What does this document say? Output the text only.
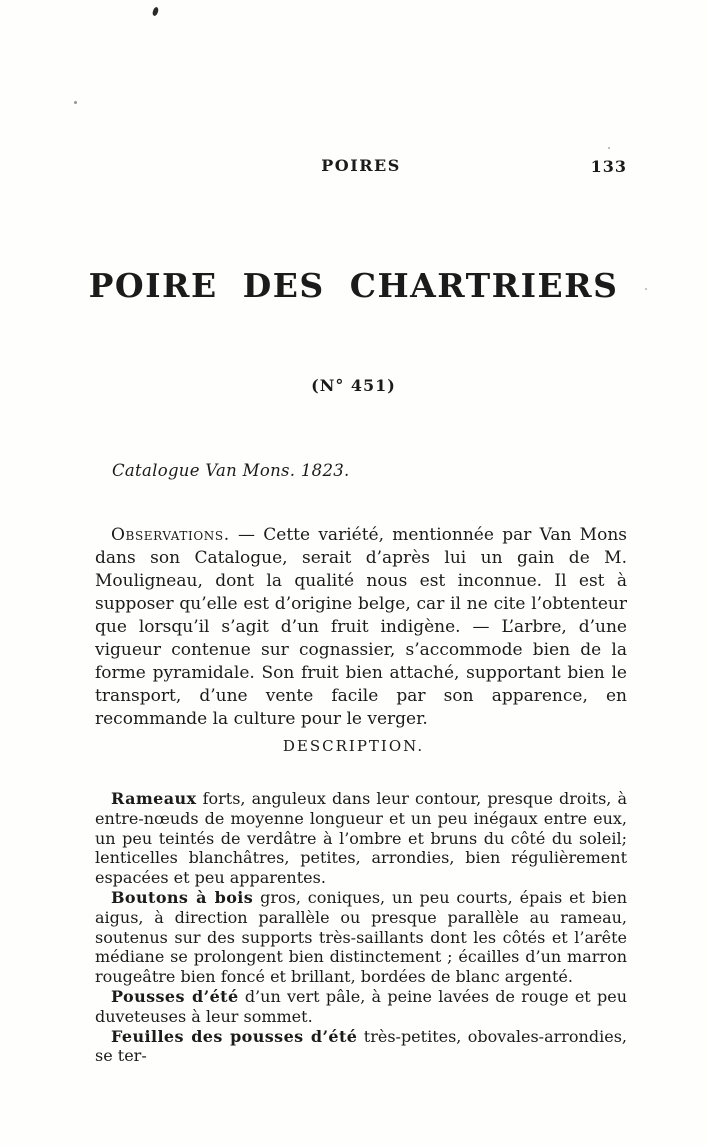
POIRES	133
POIRE DES CHARTRIERS
(N° 451)
Catalogue Van Mons. 1823.

Observations. — Cette variété, mentionnée par Van Mons dans son Catalogue, serait d’après lui un gain de M. Mouligneau, dont la qualité nous est inconnue. Il est à supposer qu’elle est d’origine belge, car il ne cite l’obtenteur que lorsqu’il s’agit d’un fruit indigène. — L’arbre, d’une vigueur contenue sur cognassier, s’accommode bien de la forme pyramidale. Son fruit bien attaché, supportant bien le transport, d’une vente facile par son apparence, en recommande la culture pour le verger.

DESCRIPTION.

Rameaux forts, anguleux dans leur contour, presque droits, à entre-nœuds de moyenne longueur et un peu inégaux entre eux, un peu teintés de verdâtre à l’ombre et bruns du côté du soleil; lenticelles blanchâtres, petites, arrondies, bien régulièrement espacées et peu apparentes.

Boutons à bois gros, coniques, un peu courts, épais et bien aigus, à direction parallèle ou presque parallèle au rameau, soutenus sur des supports très-saillants dont les côtés et l’arête médiane se prolongent bien distinctement ; écailles d’un marron rougeâtre bien foncé et brillant, bordées de blanc argenté.

Pousses d’été d’un vert pâle, à peine lavées de rouge et peu duveteuses à leur sommet.

Feuilles des pousses d’été très-petites, obovales-arrondies, se ter-
